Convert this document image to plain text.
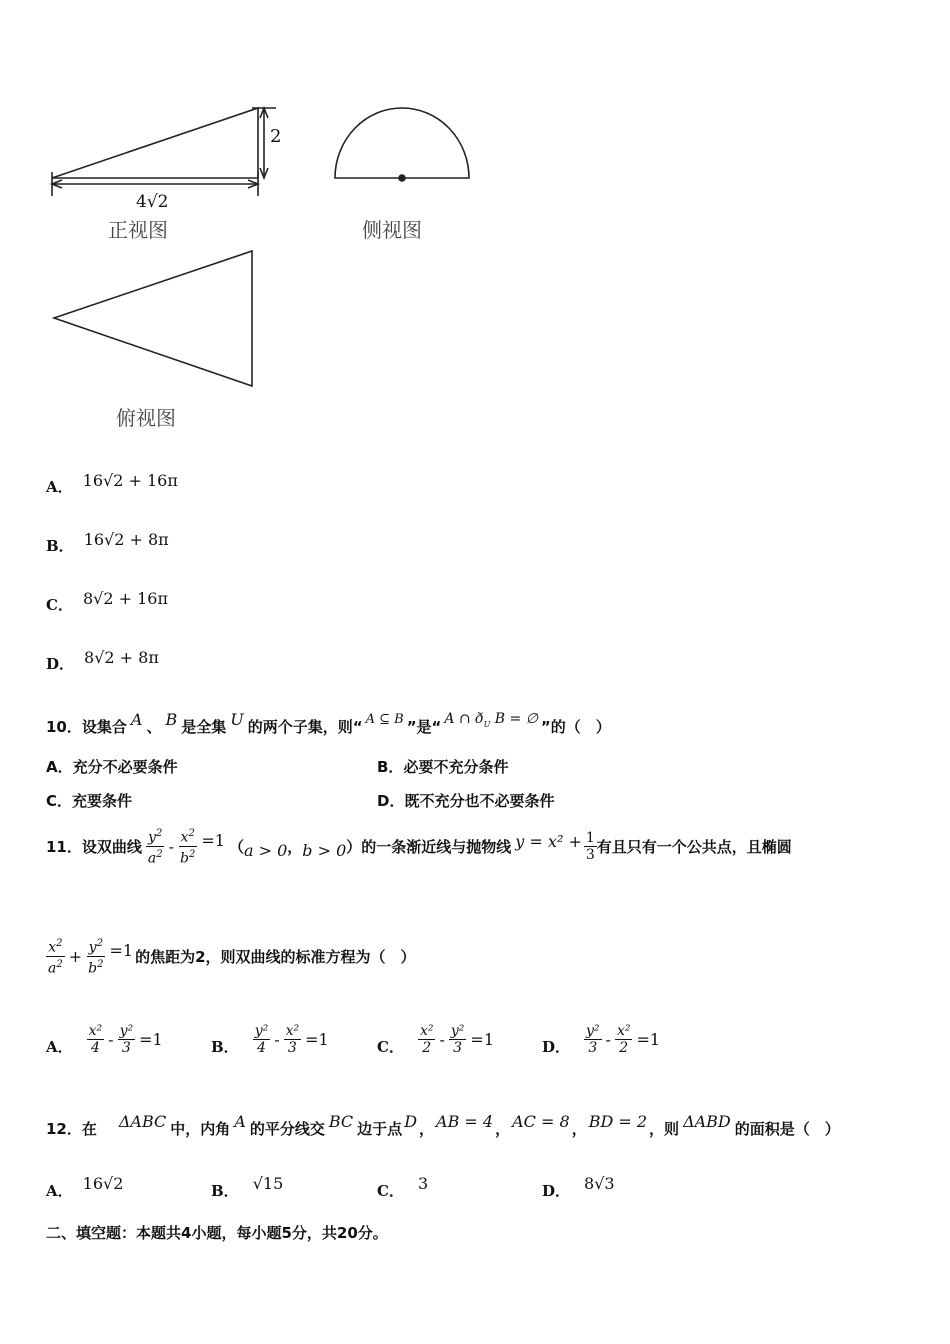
4√2
2
正视图	侧视图
俯视图
A． 16√2 + 16π
B． 16√2 + 8π
C． 8√2 + 16π
D． 8√2 + 8π
10．设集合 A 、 B 是全集 U 的两个子集，则“ A ⊆ B ”是“ A ∩ $ð_U$ B = ∅ ”的（　）
A．充分不必要条件	B．必要不充分条件
C．充要条件	D．既不充分也不必要条件
11．设双曲线 $\frac{y^2}{a^2} - \frac{x^2}{b^2} =1$ （ a > 0 ， b > 0 ）的一条渐近线与抛物线 $y = x^2 + \frac{1}{3}$ 有且只有一个公共点，且椭圆
$\frac{x^2}{a^2} + \frac{y^2}{b^2} =1$ 的焦距为2，则双曲线的标准方程为（　）
A． $\frac{\text{x²}}{4} - \frac{\text{y²}}{3} =1$	B． $\frac{\text{y²}}{4} - \frac{\text{x²}}{3} =1$	C． $\frac{\text{x²}}{2} - \frac{\text{y²}}{3} =1$	D． $\frac{\text{y²}}{3} - \frac{\text{x²}}{2} =1$
12．在 ΔABC 中，内角 A 的平分线交 BC 边于点 D ， AB = 4 ， AC = 8 ， BD = 2 ，则 ΔABD 的面积是（　）
A． 16√2	B． √15	C． 3	D． 8√3
二、填空题：本题共4小题，每小题5分，共20分。
